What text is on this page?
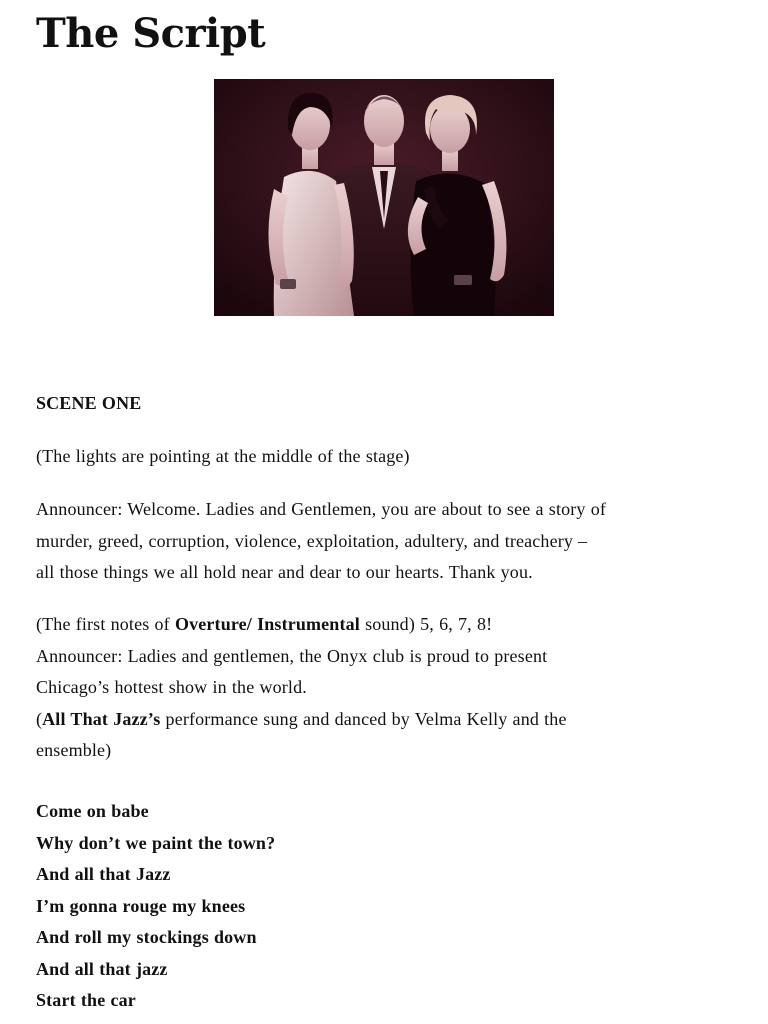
The Script

SCENE ONE

(The lights are pointing at the middle of the stage)

Announcer: Welcome. Ladies and Gentlemen, you are about to see a story of

murder, greed, corruption, violence, exploitation, adultery, and treachery –

all those things we all hold near and dear to our hearts. Thank you.

(The first notes of Overture/ Instrumental sound) 5, 6, 7, 8!

Announcer: Ladies and gentlemen, the Onyx club is proud to present

Chicago’s hottest show in the world.

(All That Jazz’s performance sung and danced by Velma Kelly and the

ensemble)

Come on babe

Why don’t we paint the town?

And all that Jazz

I’m gonna rouge my knees

And roll my stockings down

And all that jazz

Start the car
